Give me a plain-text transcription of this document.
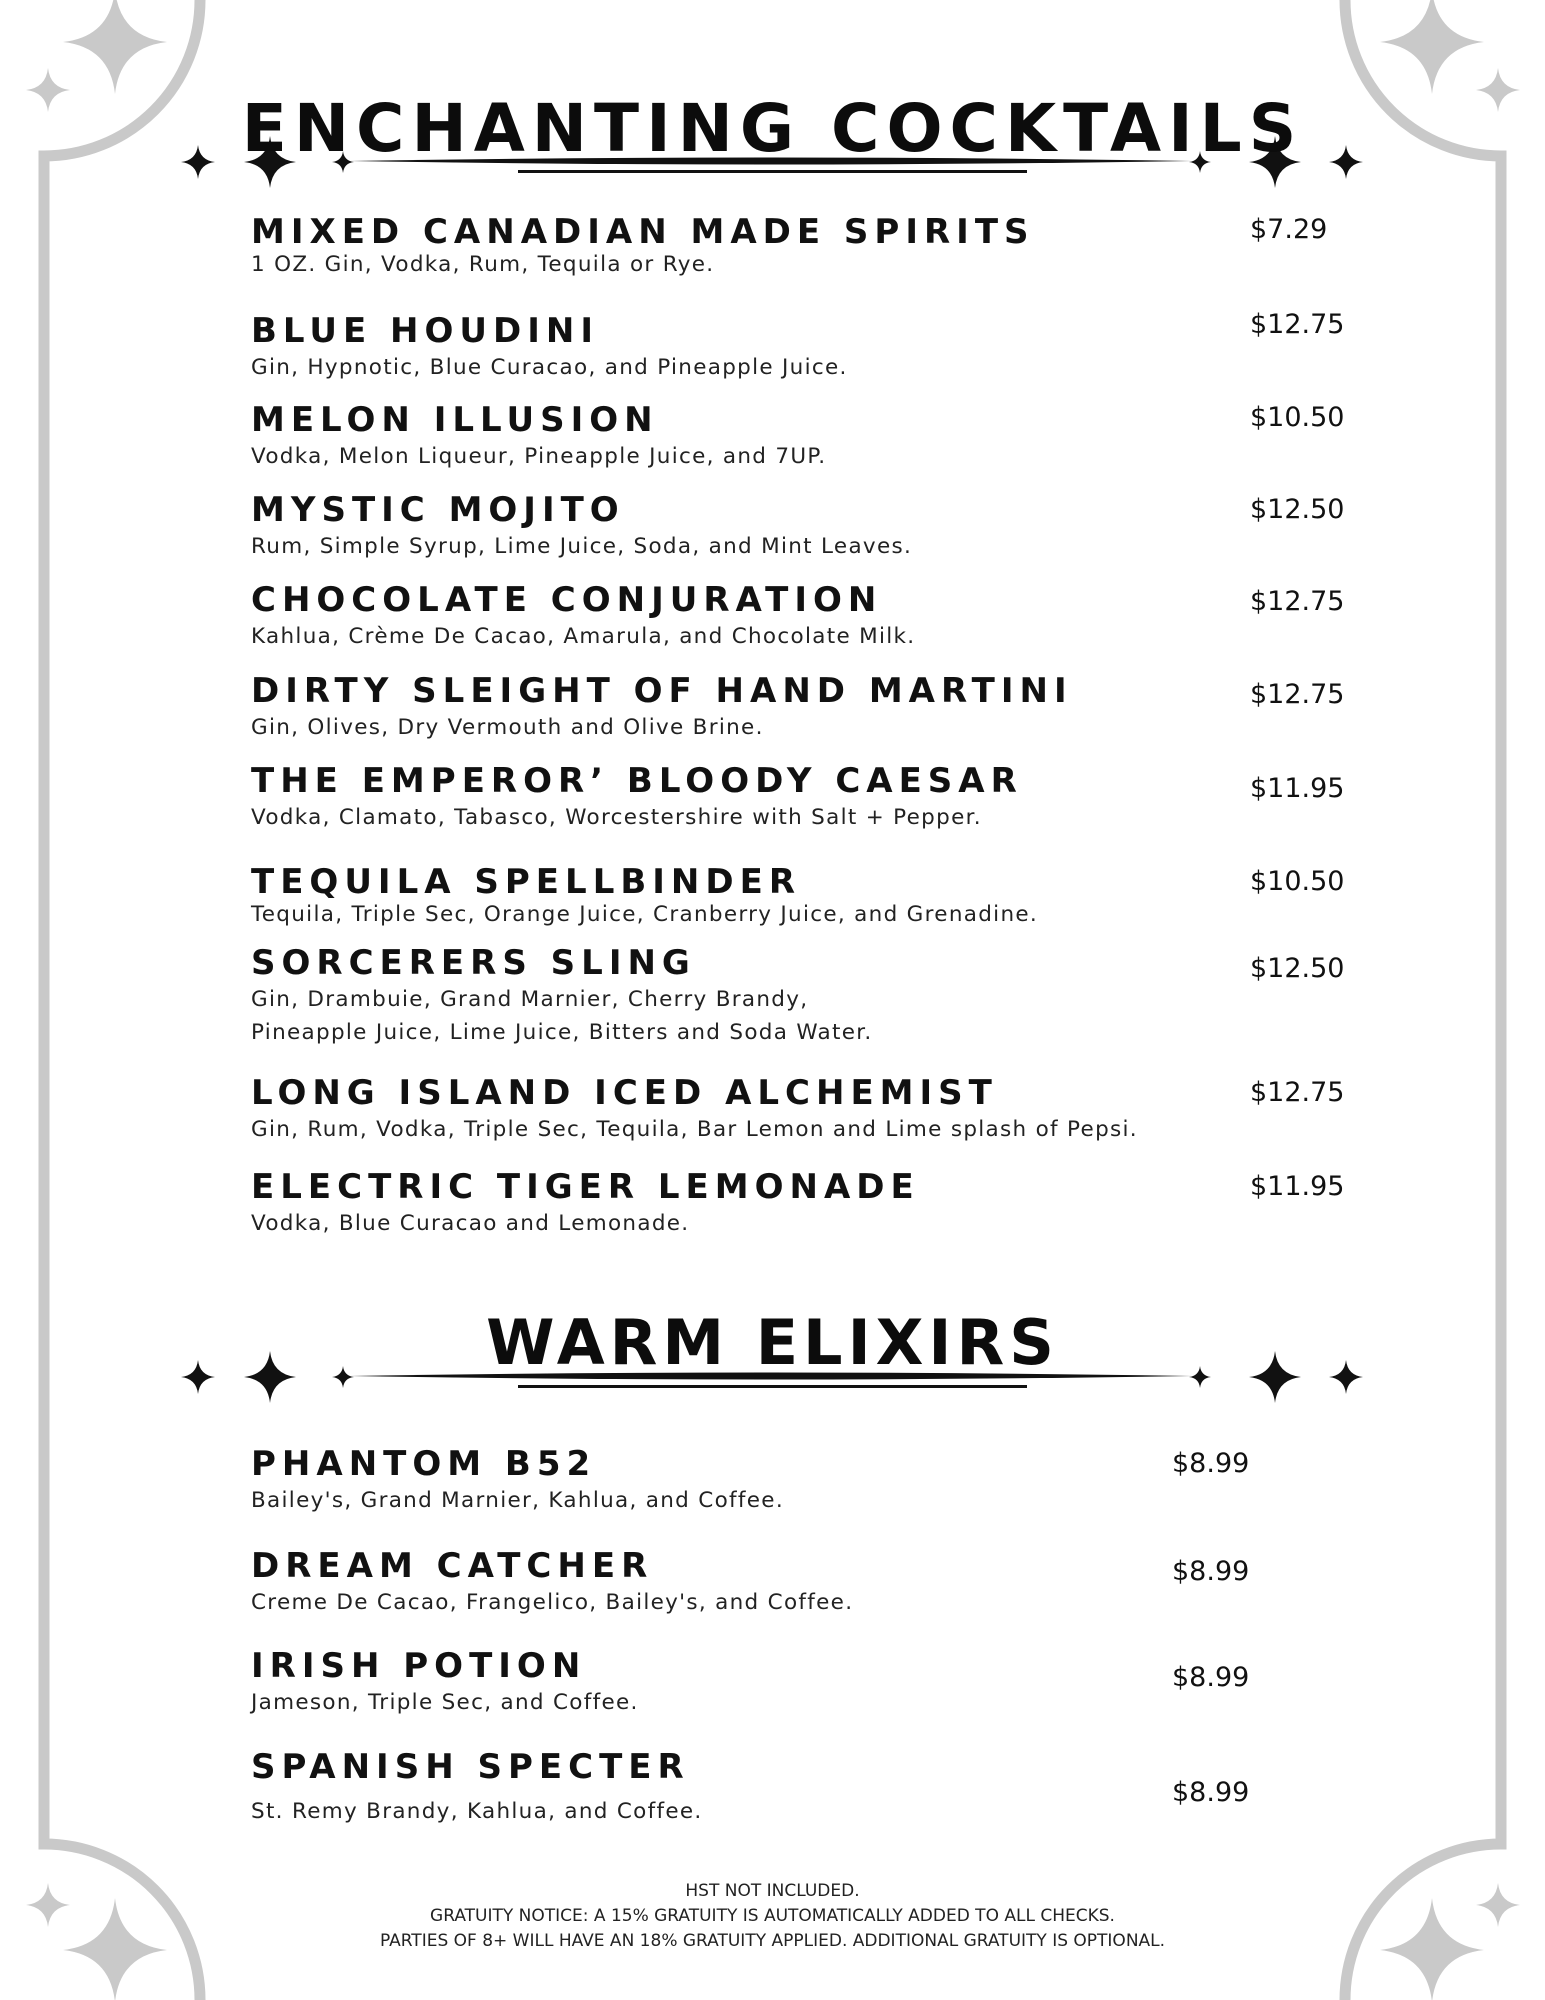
ENCHANTING COCKTAILS
WARM ELIXIRS
MIXED CANADIAN MADE SPIRITS
1 OZ. Gin, Vodka, Rum, Tequila or Rye.
$7.29
BLUE HOUDINI
Gin, Hypnotic, Blue Curacao, and Pineapple Juice.
$12.75
MELON ILLUSION
Vodka, Melon Liqueur, Pineapple Juice, and 7UP.
$10.50
MYSTIC MOJITO
Rum, Simple Syrup, Lime Juice, Soda, and Mint Leaves.
$12.50
CHOCOLATE CONJURATION
Kahlua, Crème De Cacao, Amarula, and Chocolate Milk.
$12.75
DIRTY SLEIGHT OF HAND MARTINI
Gin, Olives, Dry Vermouth and Olive Brine.
$12.75
THE EMPEROR’ BLOODY CAESAR
Vodka, Clamato, Tabasco, Worcestershire with Salt + Pepper.
$11.95
TEQUILA SPELLBINDER
Tequila, Triple Sec, Orange Juice, Cranberry Juice, and Grenadine.
$10.50
SORCERERS SLING
Gin, Drambuie, Grand Marnier, Cherry Brandy,
Pineapple Juice, Lime Juice, Bitters and Soda Water.
$12.50
LONG ISLAND ICED ALCHEMIST
Gin, Rum, Vodka, Triple Sec, Tequila, Bar Lemon and Lime splash of Pepsi.
$12.75
ELECTRIC TIGER LEMONADE
Vodka, Blue Curacao and Lemonade.
$11.95
PHANTOM B52
Bailey's, Grand Marnier, Kahlua, and Coffee.
$8.99
DREAM CATCHER
Creme De Cacao, Frangelico, Bailey's, and Coffee.
$8.99
IRISH POTION
Jameson, Triple Sec, and Coffee.
$8.99
SPANISH SPECTER
St. Remy Brandy, Kahlua, and Coffee.
$8.99
HST NOT INCLUDED.
GRATUITY NOTICE: A 15% GRATUITY IS AUTOMATICALLY ADDED TO ALL CHECKS.
PARTIES OF 8+ WILL HAVE AN 18% GRATUITY APPLIED. ADDITIONAL GRATUITY IS OPTIONAL.
